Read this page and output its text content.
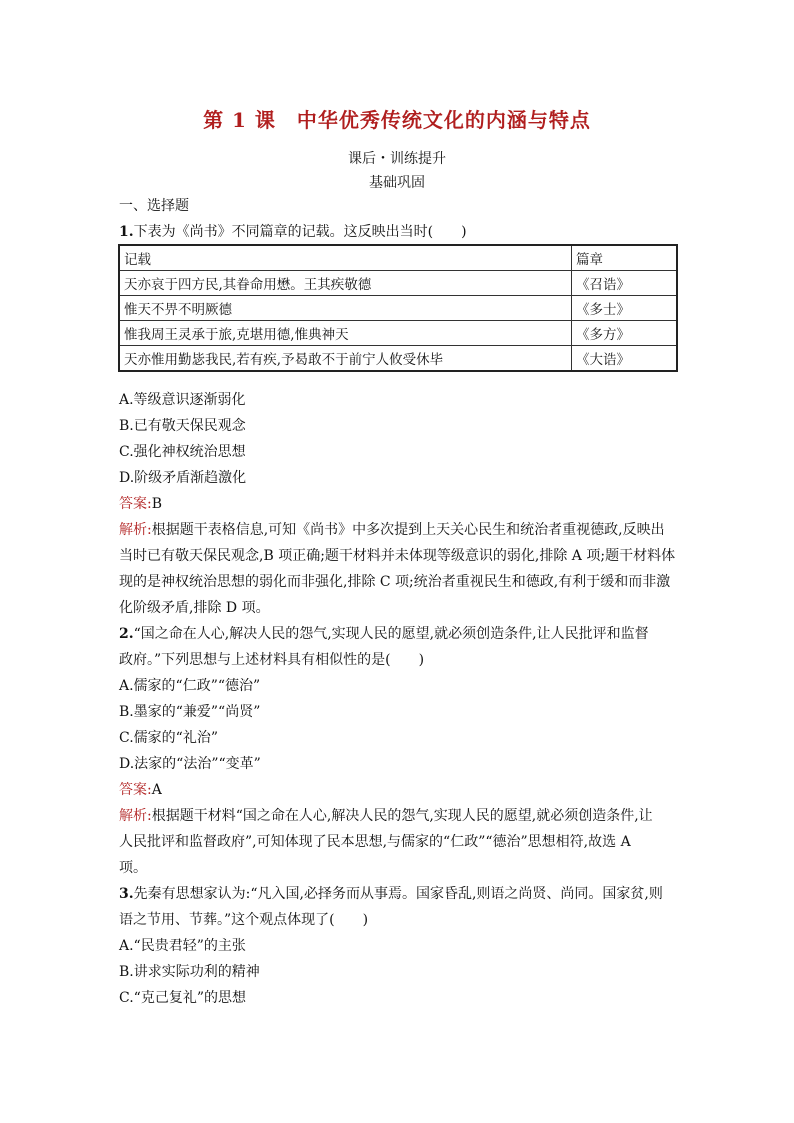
第 1 课　中华优秀传统文化的内涵与特点
课后・训练提升
基础巩固
一、选择题
1.下表为《尚书》不同篇章的记载。这反映出当时(　　)
记载	篇章
天亦哀于四方民,其眷命用懋。王其疾敬德	《召诰》
惟天不畀不明厥德	《多士》
惟我周王灵承于旅,克堪用德,惟典神天	《多方》
天亦惟用勤毖我民,若有疾,予曷敢不于前宁人攸受休毕	《大诰》
A.等级意识逐渐弱化
B.已有敬天保民观念
C.强化神权统治思想
D.阶级矛盾渐趋激化
答案:B
解析:根据题干表格信息,可知《尚书》中多次提到上天关心民生和统治者重视德政,反映出
当时已有敬天保民观念,B 项正确;题干材料并未体现等级意识的弱化,排除 A 项;题干材料体
现的是神权统治思想的弱化而非强化,排除 C 项;统治者重视民生和德政,有利于缓和而非激
化阶级矛盾,排除 D 项。
2.“国之命在人心,解决人民的怨气,实现人民的愿望,就必须创造条件,让人民批评和监督
政府。”下列思想与上述材料具有相似性的是(　　)
A.儒家的“仁政”“德治”
B.墨家的“兼爱”“尚贤”
C.儒家的“礼治”
D.法家的“法治”“变革”
答案:A
解析:根据题干材料“国之命在人心,解决人民的怨气,实现人民的愿望,就必须创造条件,让
人民批评和监督政府”,可知体现了民本思想,与儒家的“仁政”“德治”思想相符,故选 A
项。
3.先秦有思想家认为:“凡入国,必择务而从事焉。国家昏乱,则语之尚贤、尚同。国家贫,则
语之节用、节葬。”这个观点体现了(　　)
A.“民贵君轻”的主张
B.讲求实际功利的精神
C.“克己复礼”的思想
